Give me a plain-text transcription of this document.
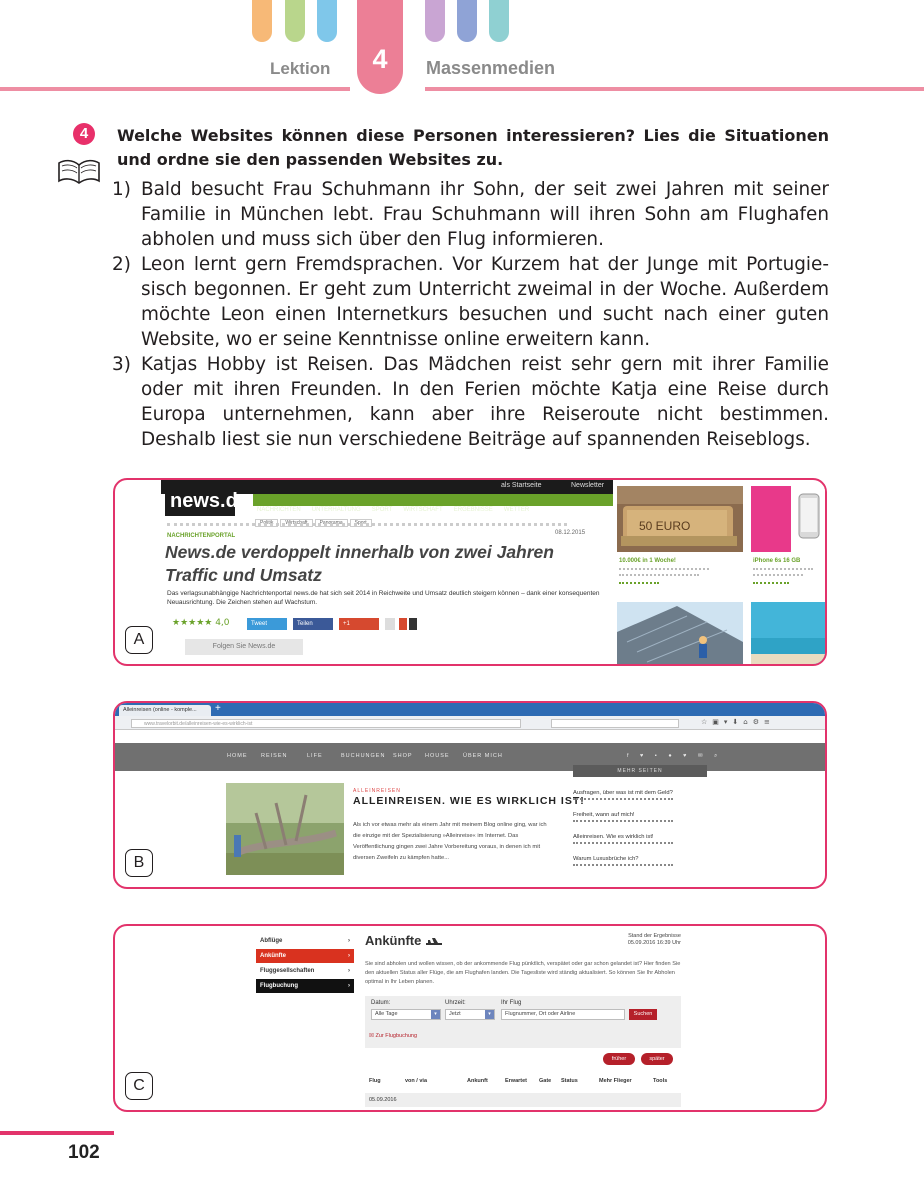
4
Lektion	Massenmedien
4	Welche Websites können diese Personen interessieren? Lies die Situationen und ordne sie den passenden Websites zu.
1) Bald besucht Frau Schuhmann ihr Sohn, der seit zwei Jahren mit seiner Familie in München lebt. Frau Schuhmann will ihren Sohn am Flughafen abholen und muss sich über den Flug informieren.
2) Leon lernt gern Fremdsprachen. Vor Kurzem hat der Junge mit Portugiesisch begonnen. Er geht zum Unterricht zweimal in der Woche. Außerdem möchte Leon einen Internetkurs besuchen und sucht nach einer guten Website, wo er seine Kenntnisse online erweitern kann.
3) Katjas Hobby ist Reisen. Das Mädchen reist sehr gern mit ihrer Familie oder mit ihren Freunden. In den Ferien möchte Katja eine Reise durch Europa unternehmen, kann aber ihre Reiseroute nicht bestimmen. Deshalb liest sie nun verschiedene Beiträge auf spannenden Reiseblogs.
als Startseite	Newsletter
news.de	NACHRICHTEN UNTERHALTUNG SPORT WIRTSCHAFT ERGEBNISSE WETTER
Politik Wirtschaft Panorama Sport
NACHRICHTENPORTAL	08.12.2015
News.de verdoppelt innerhalb von zwei Jahren Traffic und Umsatz
Das verlagsunabhängige Nachrichtenportal news.de hat sich seit 2014 in Reichweite und Umsatz deutlich steigern können – dank einer konsequenten Neuausrichtung. Die Zeichen stehen auf Wachstum.
★★★★★ 4,0	Tweet	Teilen	+1
Folgen Sie News.de
50 EURO
10.000€ in 1 Woche!	iPhone 6s 16 GB
A
Alleinreisen (online - komple...	+
www.travelorbit.de/alleinreisen-wie-es-wirklich-ist	☆▣▾⬇⌂⚙≡
HOME REISEN	LIFE	BUCHUNGEN SHOP HOUSE ÜBER MICH	f ♥ ▪ ● ♥ ✉ ⌕
MEHR SEITEN
ALLEINREISEN
ALLEINREISEN. WIE ES WIRKLICH IST!
Als ich vor etwas mehr als einem Jahr mit meinem Blog online ging, war ich die einzige mit der Spezialisierung »Alleinreise« im Internet. Das Veröffentlichung gingen zwei Jahre Vorbereitung voraus, in denen ich mit diversen Zweifeln zu kämpfen hatte...
Ausfragen, über was ist mit dem Geld?
Freiheit, wann auf mich!
Alleinreisen. Wie es wirklich ist!
Warum Luxusbrüche ich?
B
Abflüge	›
Ankünfte	›
Fluggesellschaften	›
Flugbuchung	›
Ankünfte	Stand der Ergebnisse 05.09.2016 16:39 Uhr
Sie sind abholen und wollen wissen, ob der ankommende Flug pünktlich, verspätet oder gar schon gelandet ist? Hier finden Sie den aktuellen Status aller Flüge, die am Flughafen landen. Die Tagesliste wird ständig aktualisiert. So können Sie Ihr Abholen optimal in Ihr Leben planen.
Datum:	Uhrzeit:	Ihr Flug
Alle Tage	▾	Jetzt	▾	Flugnummer, Ort oder Airline	Suchen
☒ Zur Flugbuchung
früher	später
Flug	von / via	Ankunft	Erwartet Gate Status	Mehr Flieger	Tools
05.09.2016
C
102
